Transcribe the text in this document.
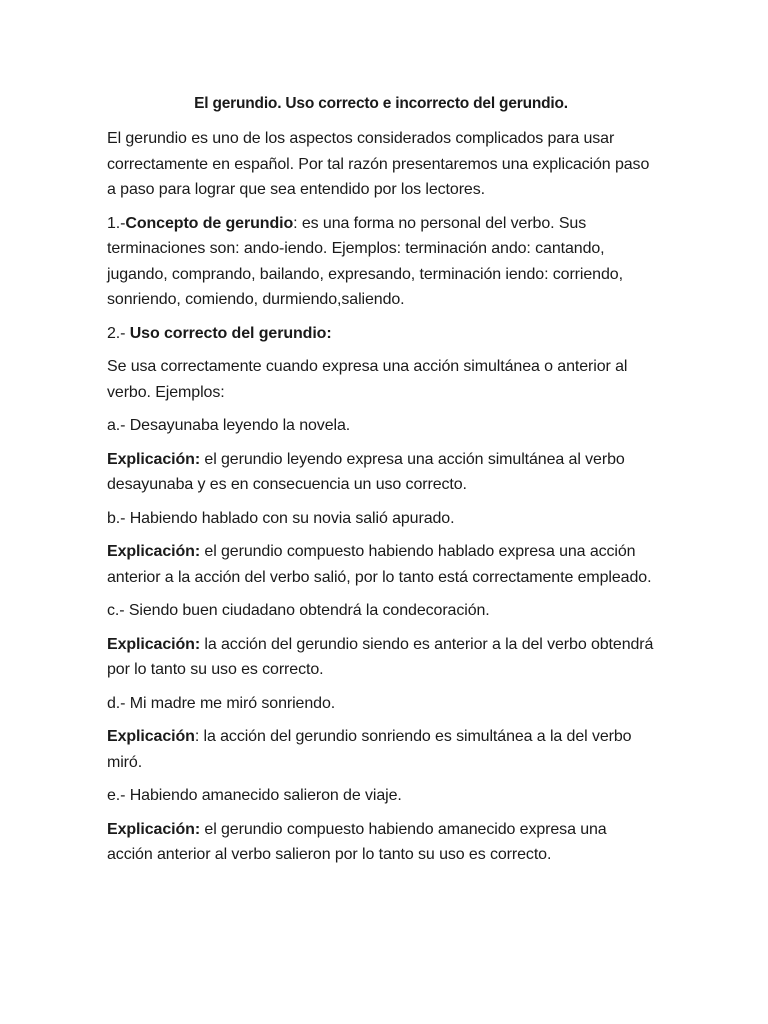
El gerundio. Uso correcto e incorrecto del gerundio.

El gerundio es uno de los aspectos considerados complicados para usar correctamente en español. Por tal razón presentaremos una explicación paso a paso para lograr que sea entendido por los lectores.

1.-Concepto de gerundio: es una forma no personal del verbo. Sus terminaciones son: ando-iendo. Ejemplos: terminación ando: cantando, jugando, comprando, bailando, expresando, terminación iendo: corriendo, sonriendo, comiendo, durmiendo,saliendo.

2.- Uso correcto del gerundio:

Se usa correctamente cuando expresa una acción simultánea o anterior al verbo. Ejemplos:

a.- Desayunaba leyendo la novela.

Explicación: el gerundio leyendo expresa una acción simultánea al verbo desayunaba y es en consecuencia un uso correcto.

b.- Habiendo hablado con su novia salió apurado.

Explicación: el gerundio compuesto habiendo hablado expresa una acción anterior a la acción del verbo salió, por lo tanto está correctamente empleado.

c.- Siendo buen ciudadano obtendrá la condecoración.

Explicación: la acción del gerundio siendo es anterior a la del verbo obtendrá por lo tanto su uso es correcto.

d.- Mi madre me miró sonriendo.

Explicación: la acción del gerundio sonriendo es simultánea a la del verbo miró.

e.- Habiendo amanecido salieron de viaje.

Explicación: el gerundio compuesto habiendo amanecido expresa una acción anterior al verbo salieron por lo tanto su uso es correcto.
